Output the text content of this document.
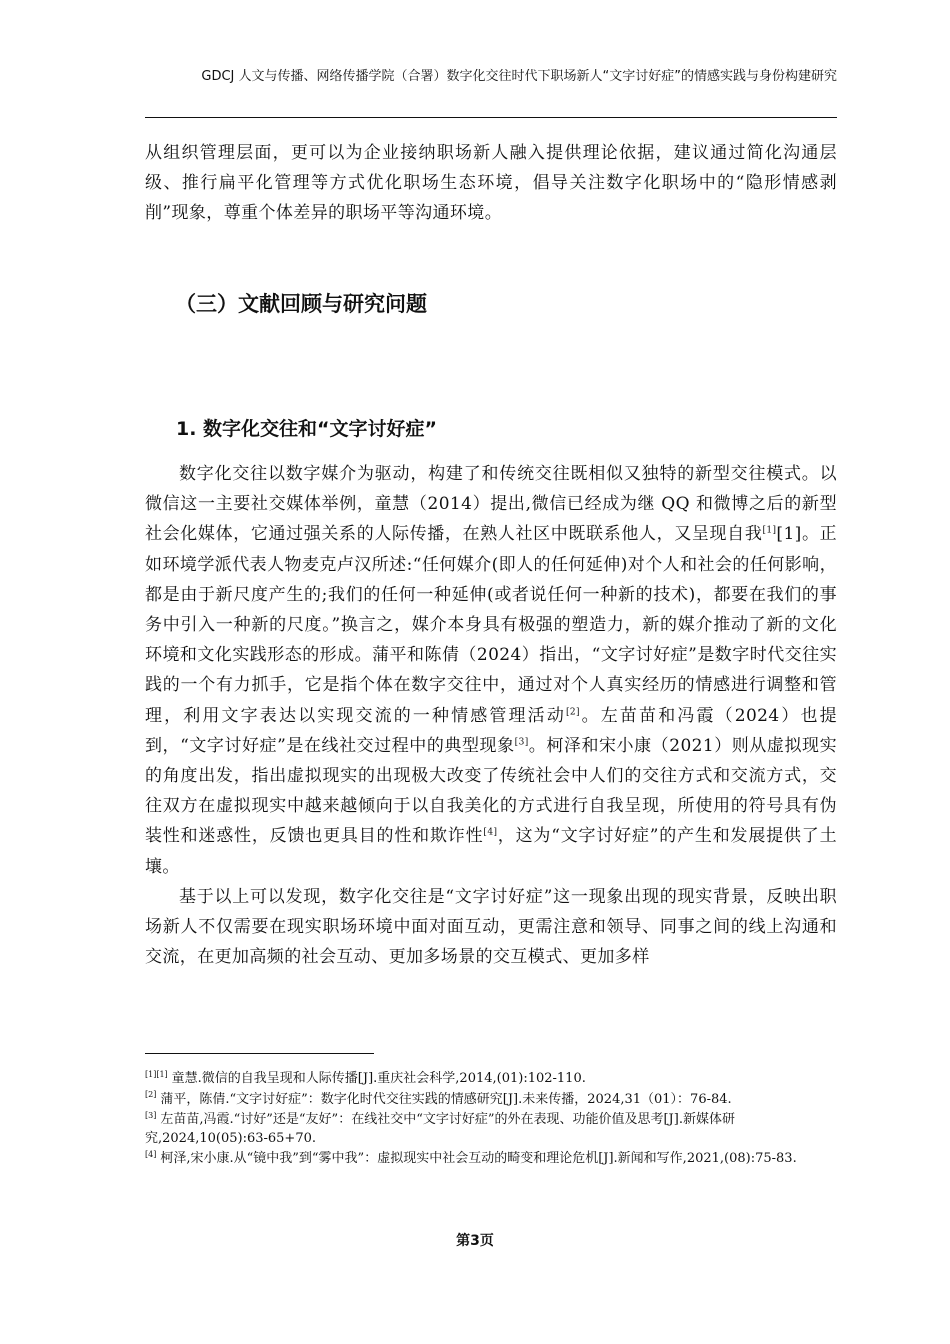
GDCJ 人文与传播、网络传播学院（合署）数字化交往时代下职场新人“文字讨好症”的情感实践与身份构建研究

从组织管理层面，更可以为企业接纳职场新人融入提供理论依据，建议通过简化沟通层级、推行扁平化管理等方式优化职场生态环境，倡导关注数字化职场中的“隐形情感剥削”现象，尊重个体差异的职场平等沟通环境。

（三）文献回顾与研究问题
1. 数字化交往和“文字讨好症”

数字化交往以数字媒介为驱动，构建了和传统交往既相似又独特的新型交往模式。以微信这一主要社交媒体举例，童慧（2014）提出,微信已经成为继 QQ 和微博之后的新型社会化媒体，它通过强关系的人际传播，在熟人社区中既联系他人，又呈现自我[1][1]。正如环境学派代表人物麦克卢汉所述:“任何媒介(即人的任何延伸)对个人和社会的任何影响，都是由于新尺度产生的;我们的任何一种延伸(或者说任何一种新的技术)，都要在我们的事务中引入一种新的尺度。”换言之，媒介本身具有极强的塑造力，新的媒介推动了新的文化环境和文化实践形态的形成。蒲平和陈倩（2024）指出，“文字讨好症”是数字时代交往实践的一个有力抓手，它是指个体在数字交往中，通过对个人真实经历的情感进行调整和管理，利用文字表达以实现交流的一种情感管理活动[2]。左苗苗和冯霞（2024）也提到，“文字讨好症”是在线社交过程中的典型现象[3]。柯泽和宋小康（2021）则从虚拟现实的角度出发，指出虚拟现实的出现极大改变了传统社会中人们的交往方式和交流方式，交往双方在虚拟现实中越来越倾向于以自我美化的方式进行自我呈现，所使用的符号具有伪装性和迷惑性，反馈也更具目的性和欺诈性[4]，这为“文字讨好症”的产生和发展提供了土壤。

基于以上可以发现，数字化交往是“文字讨好症”这一现象出现的现实背景，反映出职场新人不仅需要在现实职场环境中面对面互动，更需注意和领导、同事之间的线上沟通和交流，在更加高频的社会互动、更加多场景的交互模式、更加多样

[1][1] 童慧.微信的自我呈现和人际传播[J].重庆社会科学,2014,(01):102-110.

[2] 蒲平，陈倩.“文字讨好症”：数字化时代交往实践的情感研究[J].未来传播，2024,31（01）：76-84.

[3] 左苗苗,冯霞.“讨好”还是“友好”：在线社交中“文字讨好症”的外在表现、功能价值及思考[J].新媒体研究,2024,10(05):63-65+70.

[4] 柯泽,宋小康.从“镜中我”到“雾中我”：虚拟现实中社会互动的畸变和理论危机[J].新闻和写作,2021,(08):75-83.

第3页
